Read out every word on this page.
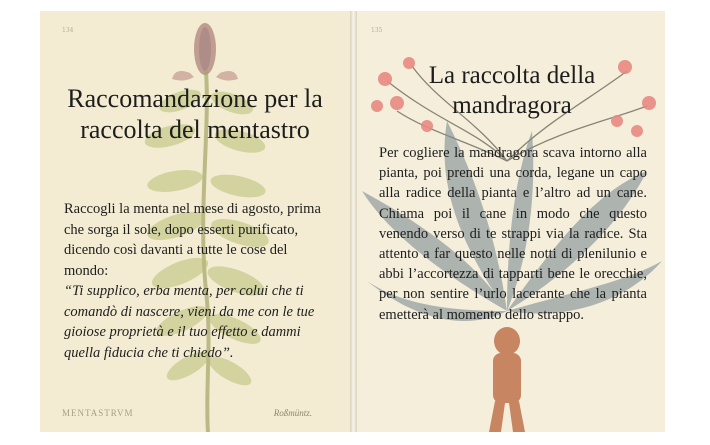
134
Raccomandazione per la raccolta del mentastro
Raccogli la menta nel mese di agosto, prima che sorga il sole, dopo esserti purificato, dicendo così davanti a tutte le cose del mondo:
“Ti supplico, erba menta, per colui che ti comandò di nascere, vieni da me con le tue gioiose proprietà e il tuo effetto e dammi quella fiducia che ti chiedo”.
MENTASTRVM	Roßmüntz.
135
La raccolta della mandragora
Per cogliere la mandragora scava intorno alla pianta, poi prendi una corda, legane un capo alla radice della pianta e l’altro ad un cane. Chiama poi il cane in modo che questo venendo verso di te strappi via la radice. Sta attento a far questo nelle notti di plenilunio e abbi l’accortezza di tapparti bene le orecchie, per non sentire l’urlo lacerante che la pianta emetterà al momento dello strappo.
